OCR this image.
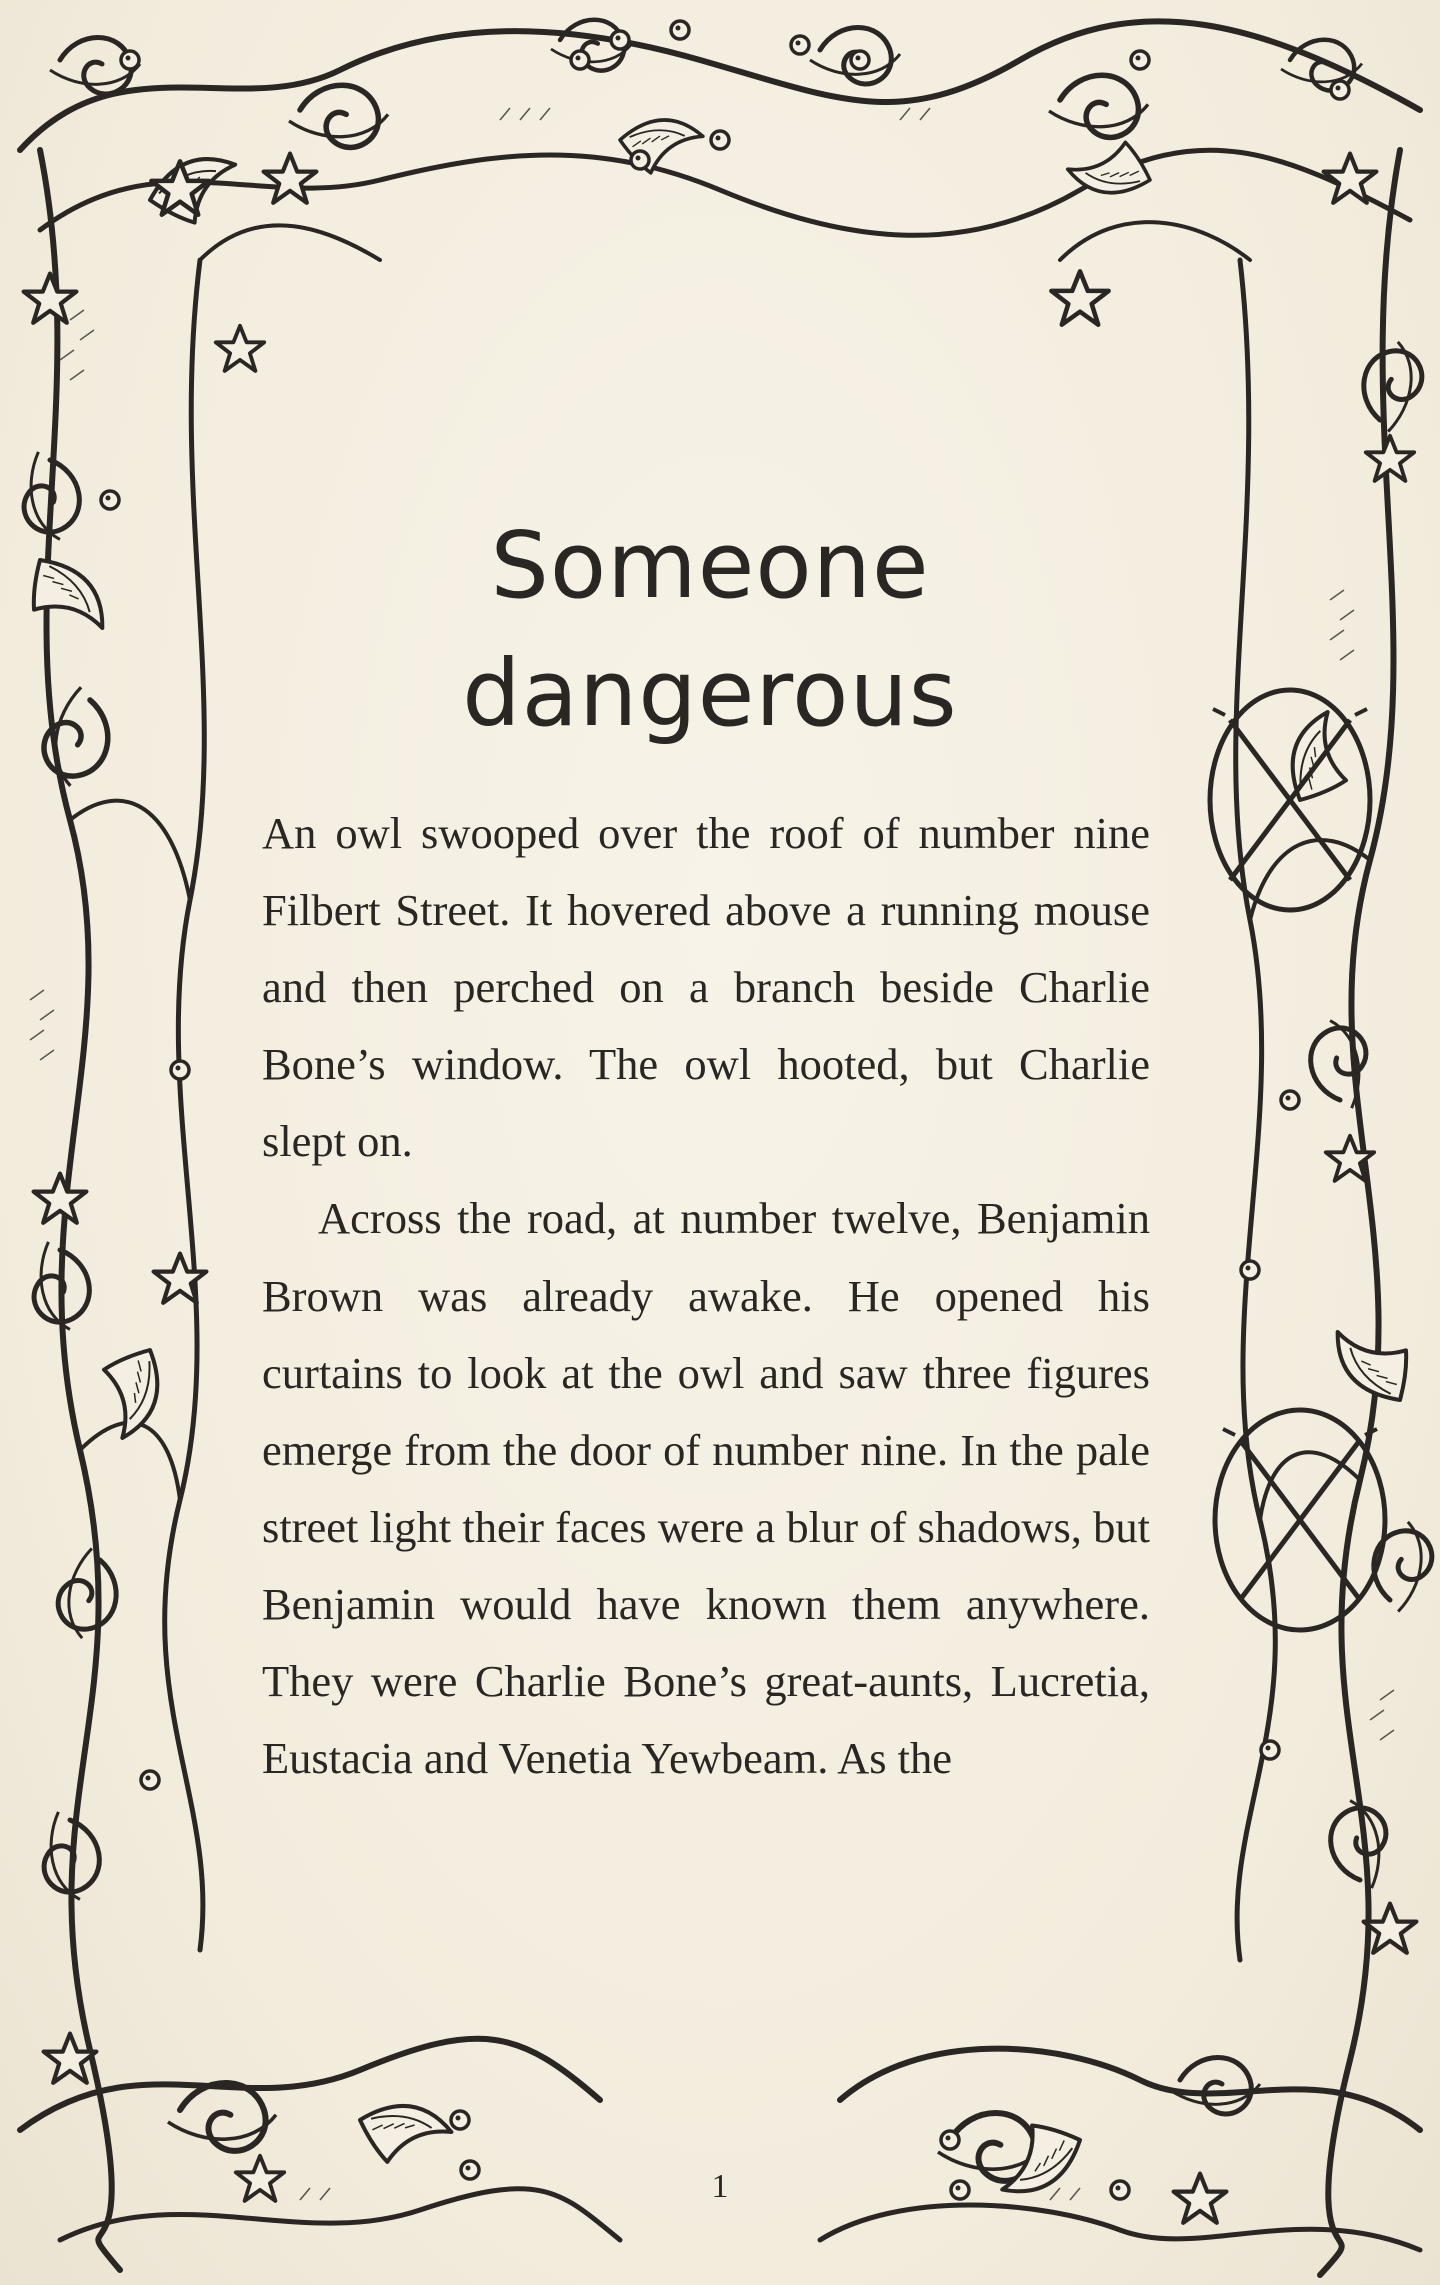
Someone
dangerous

An owl swooped over the roof of number nine Filbert Street. It hovered above a running mouse and then perched on a branch beside Charlie Bone’s window. The owl hooted, but Charlie slept on.

Across the road, at number twelve, Benjamin Brown was already awake. He opened his curtains to look at the owl and saw three figures emerge from the door of number nine. In the pale street light their faces were a blur of shadows, but Benjamin would have known them anywhere. They were Charlie Bone’s great-aunts, Lucretia, Eustacia and Venetia Yewbeam. As the

1
